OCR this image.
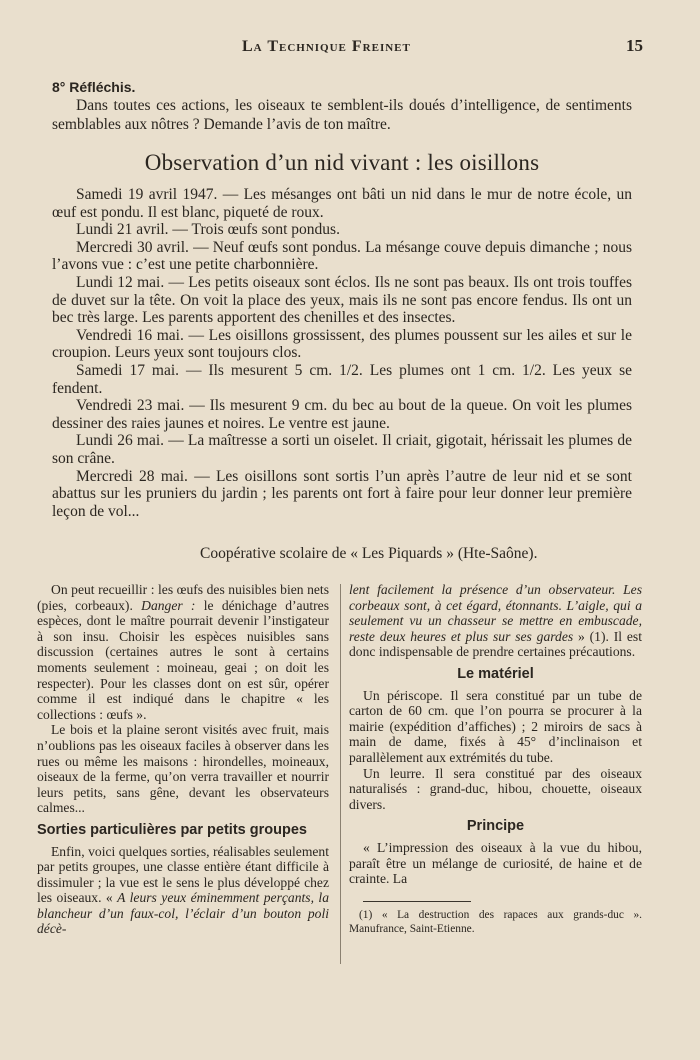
La Technique Freinet	15
8° Réfléchis.

Dans toutes ces actions, les oiseaux te semblent-ils doués d’intelligence, de sentiments semblables aux nôtres ? Demande l’avis de ton maître.

Observation d’un nid vivant : les oisillons

Samedi 19 avril 1947. — Les mésanges ont bâti un nid dans le mur de notre école, un œuf est pondu. Il est blanc, piqueté de roux.

Lundi 21 avril. — Trois œufs sont pondus.

Mercredi 30 avril. — Neuf œufs sont pondus. La mésange couve depuis dimanche ; nous l’avons vue : c’est une petite charbonnière.

Lundi 12 mai. — Les petits oiseaux sont éclos. Ils ne sont pas beaux. Ils ont trois touffes de duvet sur la tête. On voit la place des yeux, mais ils ne sont pas encore fendus. Ils ont un bec très large. Les parents apportent des chenilles et des insectes.

Vendredi 16 mai. — Les oisillons grossissent, des plumes poussent sur les ailes et sur le croupion. Leurs yeux sont toujours clos.

Samedi 17 mai. — Ils mesurent 5 cm. 1/2. Les plumes ont 1 cm. 1/2. Les yeux se fendent.

Vendredi 23 mai. — Ils mesurent 9 cm. du bec au bout de la queue. On voit les plumes dessiner des raies jaunes et noires. Le ventre est jaune.

Lundi 26 mai. — La maîtresse a sorti un oiselet. Il criait, gigotait, hérissait les plumes de son crâne.

Mercredi 28 mai. — Les oisillons sont sortis l’un après l’autre de leur nid et se sont abattus sur les pruniers du jardin ; les parents ont fort à faire pour leur donner leur première leçon de vol...

Coopérative scolaire de « Les Piquards » (Hte-Saône).

On peut recueillir : les œufs des nuisibles bien nets (pies, corbeaux). Danger : le dénichage d’autres espèces, dont le maître pourrait devenir l’instigateur à son insu. Choisir les espèces nuisibles sans discussion (certaines autres le sont à certains moments seulement : moineau, geai ; on doit les respecter). Pour les classes dont on est sûr, opérer comme il est indiqué dans le chapitre « les collections : œufs ».

Le bois et la plaine seront visités avec fruit, mais n’oublions pas les oiseaux faciles à observer dans les rues ou même les maisons : hirondelles, moineaux, oiseaux de la ferme, qu’on verra travailler et nourrir leurs petits, sans gêne, devant les observateurs calmes...

Sorties particulières par petits groupes

Enfin, voici quelques sorties, réalisables seulement par petits groupes, une classe entière étant difficile à dissimuler ; la vue est le sens le plus développé chez les oiseaux. « A leurs yeux éminemment perçants, la blancheur d’un faux-col, l’éclair d’un bouton poli décè-

lent facilement la présence d’un observateur. Les corbeaux sont, à cet égard, étonnants. L’aigle, qui a seulement vu un chasseur se mettre en embuscade, reste deux heures et plus sur ses gardes » (1). Il est donc indispensable de prendre certaines précautions.

Le matériel

Un périscope. Il sera constitué par un tube de carton de 60 cm. que l’on pourra se procurer à la mairie (expédition d’affiches) ; 2 miroirs de sacs à main de dame, fixés à 45° d’inclinaison et parallèlement aux extrémités du tube.

Un leurre. Il sera constitué par des oiseaux naturalisés : grand-duc, hibou, chouette, oiseaux divers.

Principe

« L’impression des oiseaux à la vue du hibou, paraît être un mélange de curiosité, de haine et de crainte. La

(1) « La destruction des rapaces aux grands-duc ». Manufrance, Saint-Etienne.
